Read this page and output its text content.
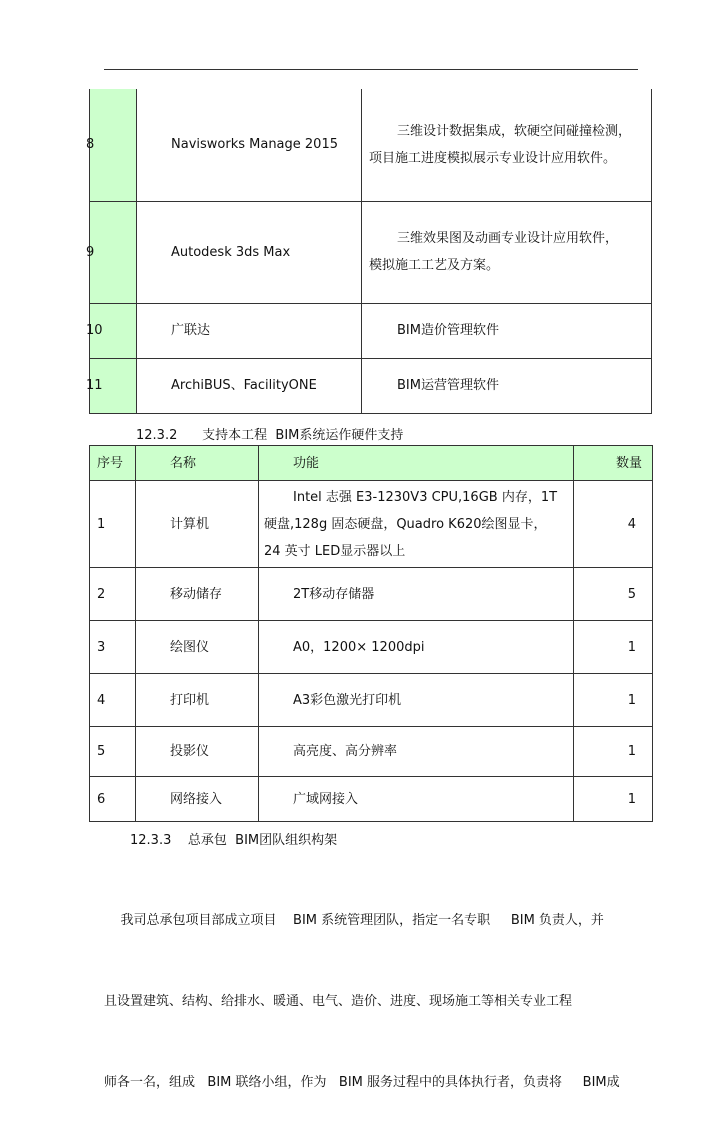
8	Navisworks Manage 2015	三维设计数据集成，软硬空间碰撞检测，
项目施工进度模拟展示专业设计应用软件。

9	Autodesk 3ds Max	三维效果图及动画专业设计应用软件，
模拟施工工艺及方案。

10	广联达	BIM造价管理软件

11	ArchiBUS、FacilityONE	BIM运营管理软件
12.3.2 支持本工程  BIM系统运作硬件支持
序号	名称	功能	数量
1	计算机	Intel 志强 E3-1230V3 CPU,16GB 内存，1T
硬盘,128g 固态硬盘，Quadro K620绘图显卡，
24 英寸 LED显示器以上	4
2	移动储存	2T移动存储器	5
3	绘图仪	A0，1200× 1200dpi	1
4	打印机	A3彩色激光打印机	1
5	投影仪	高亮度、高分辨率	1
6	网络接入	广域网接入	1
12.3.3 总承包  BIM团队组织构架

我司总承包项目部成立项目    BIM 系统管理团队，指定一名专职     BIM 负责人，并

且设置建筑、结构、给排水、暖通、电气、造价、进度、现场施工等相关专业工程

师各一名，组成   BIM 联络小组，作为   BIM 服务过程中的具体执行者，负责将     BIM成
